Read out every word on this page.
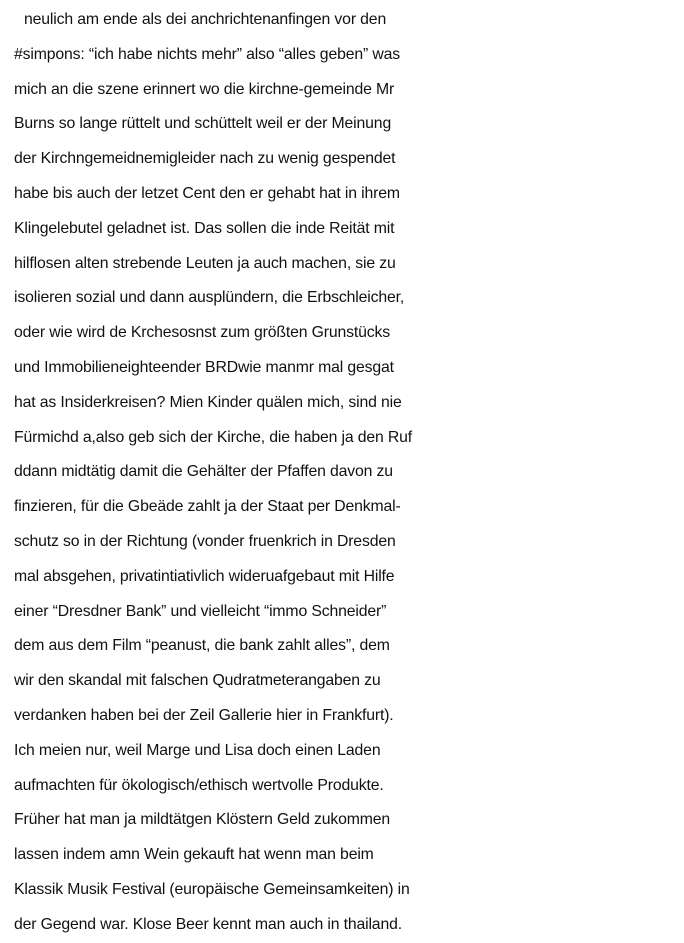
neulich am ende als dei anchrichtenanfingen vor den
#simpons: “ich habe nichts mehr” also “alles geben” was
mich an die szene erinnert wo die kirchne-gemeinde Mr
Burns so lange rüttelt und schüttelt weil er der Meinung
der Kirchngemeidnemigleider nach zu wenig gespendet
habe bis auch der letzet Cent den er gehabt hat in ihrem
Klingelebutel geladnet ist. Das sollen die inde Reität mit
hilflosen alten strebende Leuten ja auch machen, sie zu
isolieren sozial und dann ausplündern, die Erbschleicher,
oder wie wird de Krchesosnst zum größten Grunstücks
und Immobilieneighteender BRDwie manmr mal gesgat
hat as Insiderkreisen? Mien Kinder quälen mich, sind nie
Fürmichd a,also geb sich der Kirche, die haben ja den Ruf
ddann midtätig damit die Gehälter der Pfaffen davon zu
finzieren, für die Gbeäde zahlt ja der Staat per Denkmal-
schutz so in der Richtung (vonder fruenkrich in Dresden
mal absgehen, privatintiativlich wideruafgebaut mit Hilfe
einer “Dresdner Bank” und vielleicht “immo Schneider”
dem aus dem Film “peanust, die bank zahlt alles”, dem
wir den skandal mit falschen Qudratmeterangaben zu
verdanken haben bei der Zeil Gallerie hier in Frankfurt).
Ich meien nur, weil Marge und Lisa doch einen Laden
aufmachten für ökologisch/ethisch wertvolle Produkte.
Früher hat man ja mildtätgen Klöstern Geld zukommen
lassen indem amn Wein gekauft hat wenn man beim
Klassik Musik Festival (europäische Gemeinsamkeiten) in
der Gegend war. Klose Beer kennt man auch in thailand.
